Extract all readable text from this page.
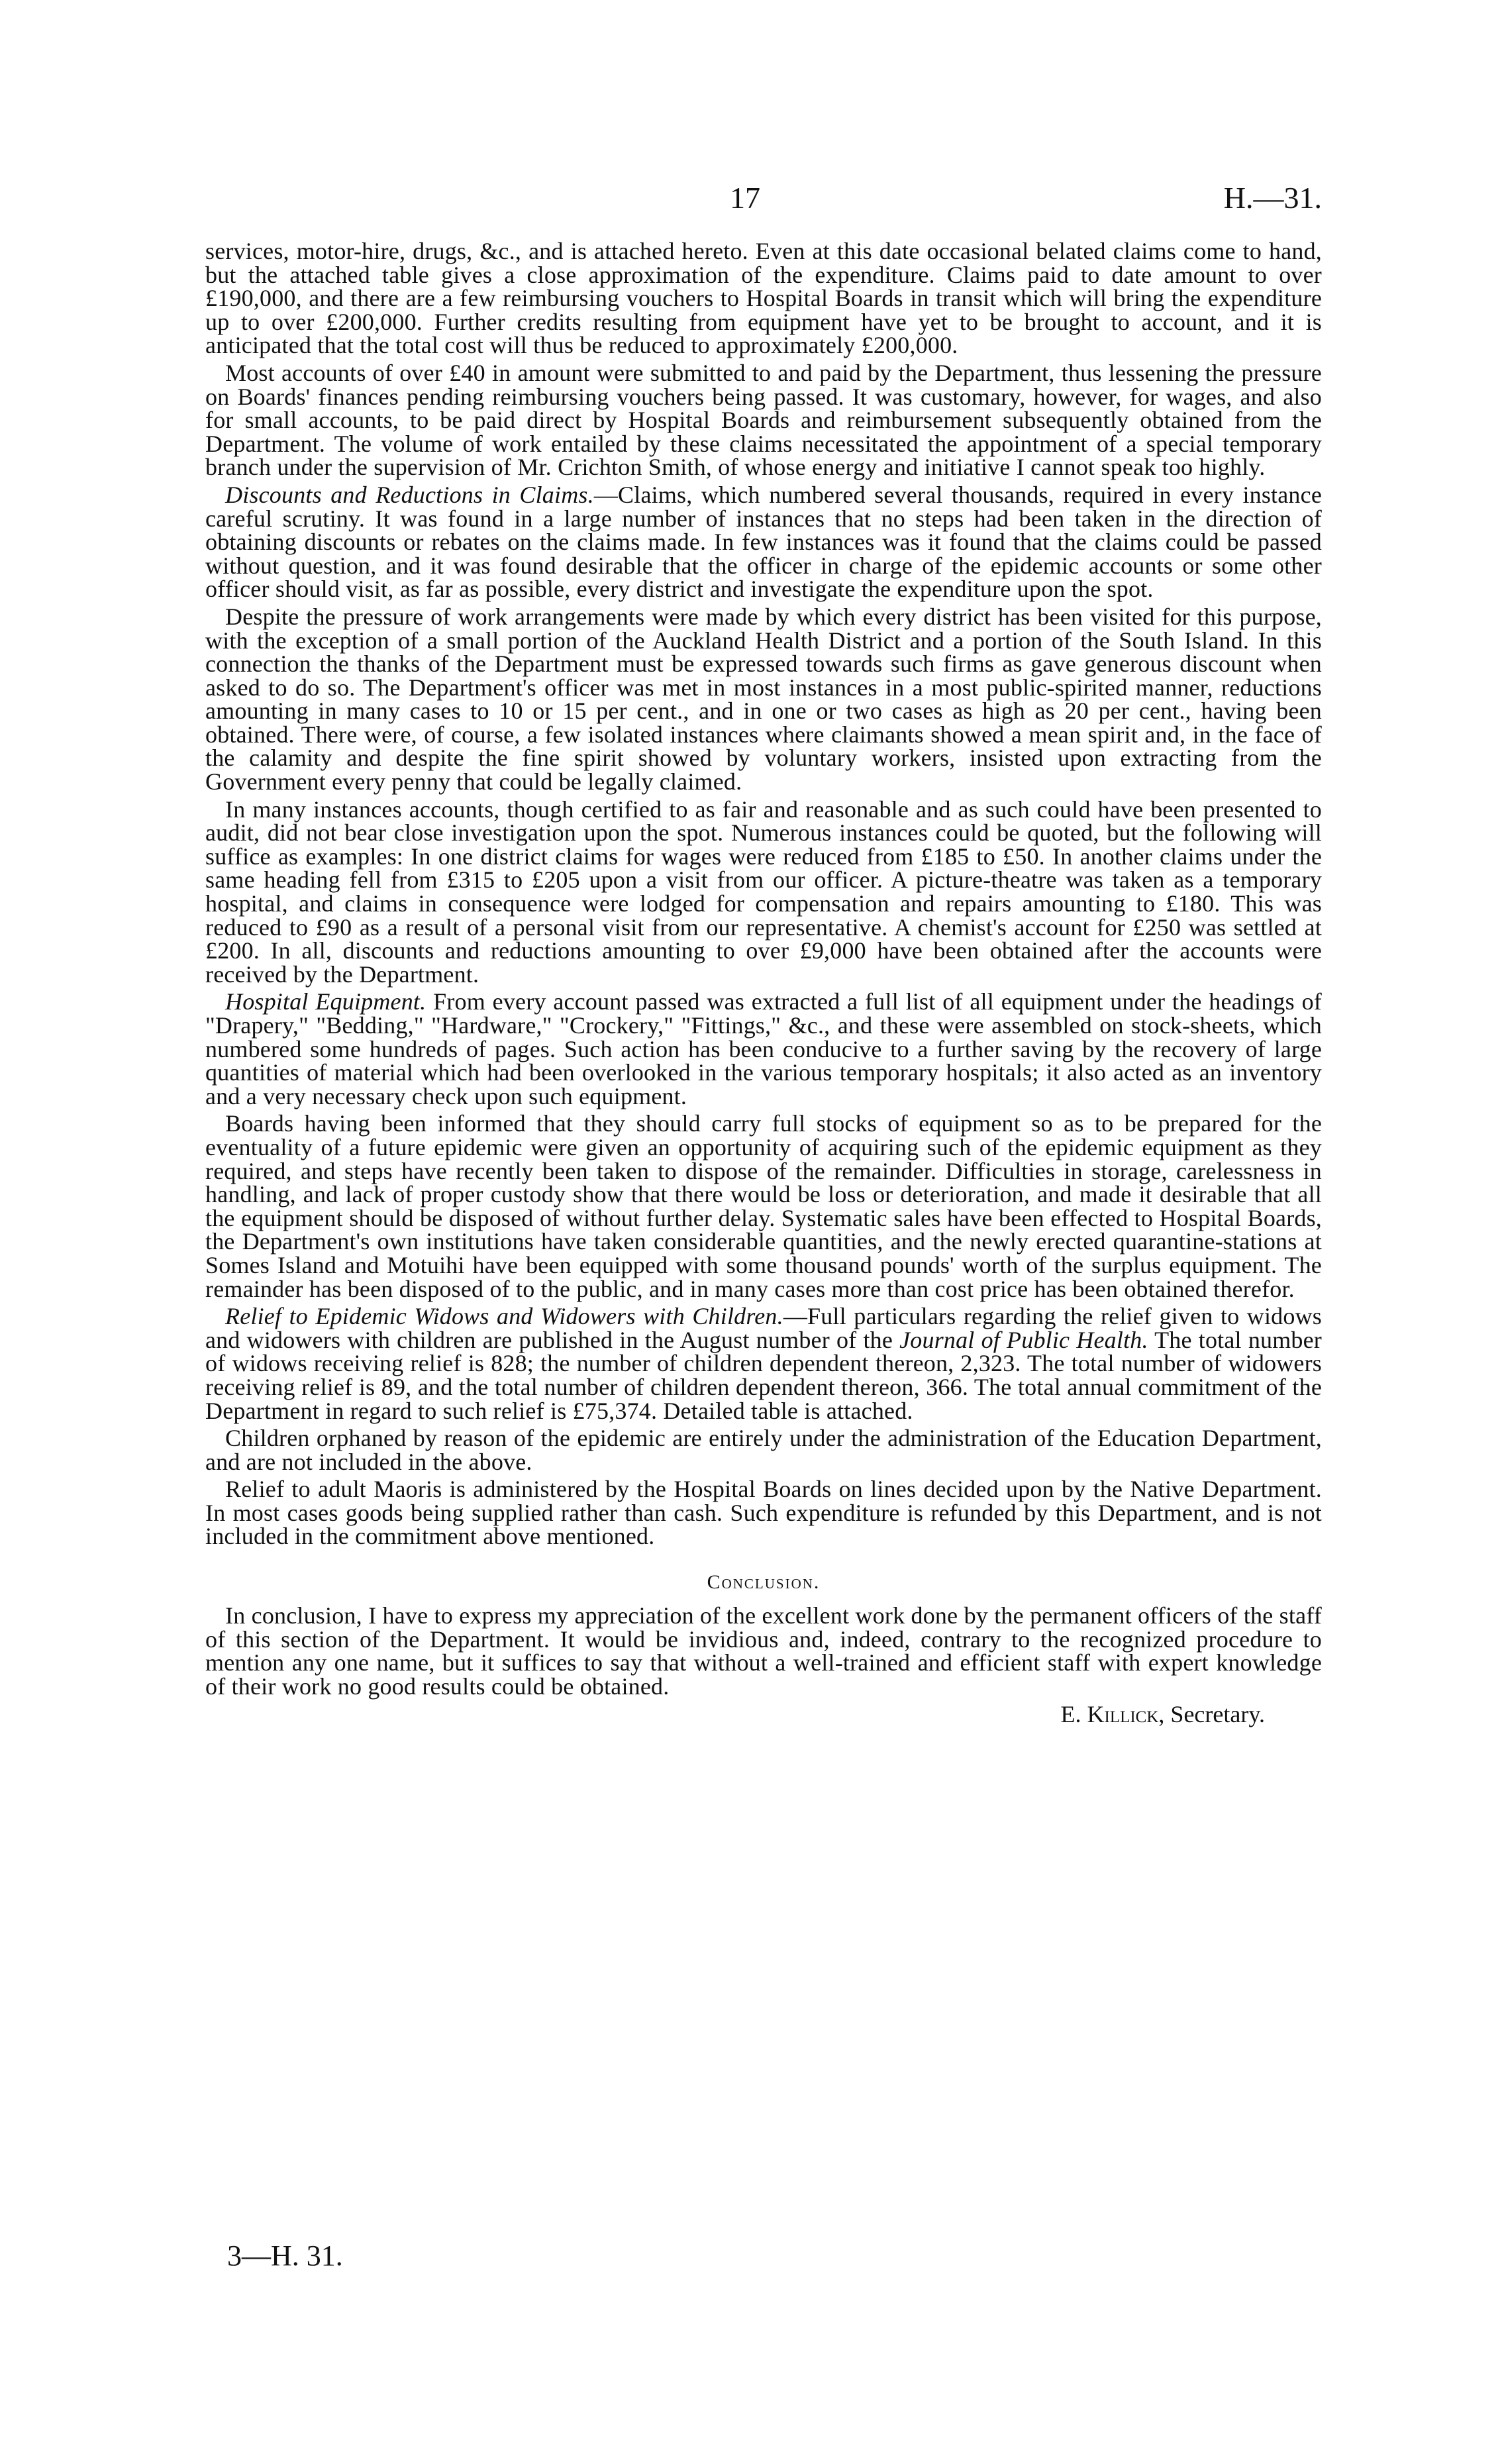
17	H.—31.

services, motor-hire, drugs, &c., and is attached hereto. Even at this date occasional belated claims come to hand, but the attached table gives a close approximation of the expenditure. Claims paid to date amount to over £190,000, and there are a few reimbursing vouchers to Hospital Boards in transit which will bring the expenditure up to over £200,000. Further credits resulting from equipment have yet to be brought to account, and it is anticipated that the total cost will thus be reduced to approximately £200,000.

Most accounts of over £40 in amount were submitted to and paid by the Department, thus lessening the pressure on Boards' finances pending reimbursing vouchers being passed. It was customary, however, for wages, and also for small accounts, to be paid direct by Hospital Boards and reimbursement subsequently obtained from the Department. The volume of work entailed by these claims necessitated the appointment of a special temporary branch under the supervision of Mr. Crichton Smith, of whose energy and initiative I cannot speak too highly.

Discounts and Reductions in Claims.—Claims, which numbered several thousands, required in every instance careful scrutiny. It was found in a large number of instances that no steps had been taken in the direction of obtaining discounts or rebates on the claims made. In few instances was it found that the claims could be passed without question, and it was found desirable that the officer in charge of the epidemic accounts or some other officer should visit, as far as possible, every district and investigate the expenditure upon the spot.

Despite the pressure of work arrangements were made by which every district has been visited for this purpose, with the exception of a small portion of the Auckland Health District and a portion of the South Island. In this connection the thanks of the Department must be expressed towards such firms as gave generous discount when asked to do so. The Department's officer was met in most instances in a most public-spirited manner, reductions amounting in many cases to 10 or 15 per cent., and in one or two cases as high as 20 per cent., having been obtained. There were, of course, a few isolated instances where claimants showed a mean spirit and, in the face of the calamity and despite the fine spirit showed by voluntary workers, insisted upon extracting from the Government every penny that could be legally claimed.

In many instances accounts, though certified to as fair and reasonable and as such could have been presented to audit, did not bear close investigation upon the spot. Numerous instances could be quoted, but the following will suffice as examples: In one district claims for wages were reduced from £185 to £50. In another claims under the same heading fell from £315 to £205 upon a visit from our officer. A picture-theatre was taken as a temporary hospital, and claims in consequence were lodged for compensation and repairs amounting to £180. This was reduced to £90 as a result of a personal visit from our representative. A chemist's account for £250 was settled at £200. In all, discounts and reductions amounting to over £9,000 have been obtained after the accounts were received by the Department.

Hospital Equipment. From every account passed was extracted a full list of all equipment under the headings of "Drapery," "Bedding," "Hardware," "Crockery," "Fittings," &c., and these were assembled on stock-sheets, which numbered some hundreds of pages. Such action has been conducive to a further saving by the recovery of large quantities of material which had been overlooked in the various temporary hospitals; it also acted as an inventory and a very necessary check upon such equipment.

Boards having been informed that they should carry full stocks of equipment so as to be prepared for the eventuality of a future epidemic were given an opportunity of acquiring such of the epidemic equipment as they required, and steps have recently been taken to dispose of the remainder. Difficulties in storage, carelessness in handling, and lack of proper custody show that there would be loss or deterioration, and made it desirable that all the equipment should be disposed of without further delay. Systematic sales have been effected to Hospital Boards, the Department's own institutions have taken considerable quantities, and the newly erected quarantine-stations at Somes Island and Motuihi have been equipped with some thousand pounds' worth of the surplus equipment. The remainder has been disposed of to the public, and in many cases more than cost price has been obtained therefor.

Relief to Epidemic Widows and Widowers with Children.—Full particulars regarding the relief given to widows and widowers with children are published in the August number of the Journal of Public Health. The total number of widows receiving relief is 828; the number of children dependent thereon, 2,323. The total number of widowers receiving relief is 89, and the total number of children dependent thereon, 366. The total annual commitment of the Department in regard to such relief is £75,374. Detailed table is attached.

Children orphaned by reason of the epidemic are entirely under the administration of the Education Department, and are not included in the above.

Relief to adult Maoris is administered by the Hospital Boards on lines decided upon by the Native Department. In most cases goods being supplied rather than cash. Such expenditure is refunded by this Department, and is not included in the commitment above mentioned.

Conclusion.

In conclusion, I have to express my appreciation of the excellent work done by the permanent officers of the staff of this section of the Department. It would be invidious and, indeed, contrary to the recognized procedure to mention any one name, but it suffices to say that without a well-trained and efficient staff with expert knowledge of their work no good results could be obtained.

E. Killick, Secretary.
3—H. 31.
